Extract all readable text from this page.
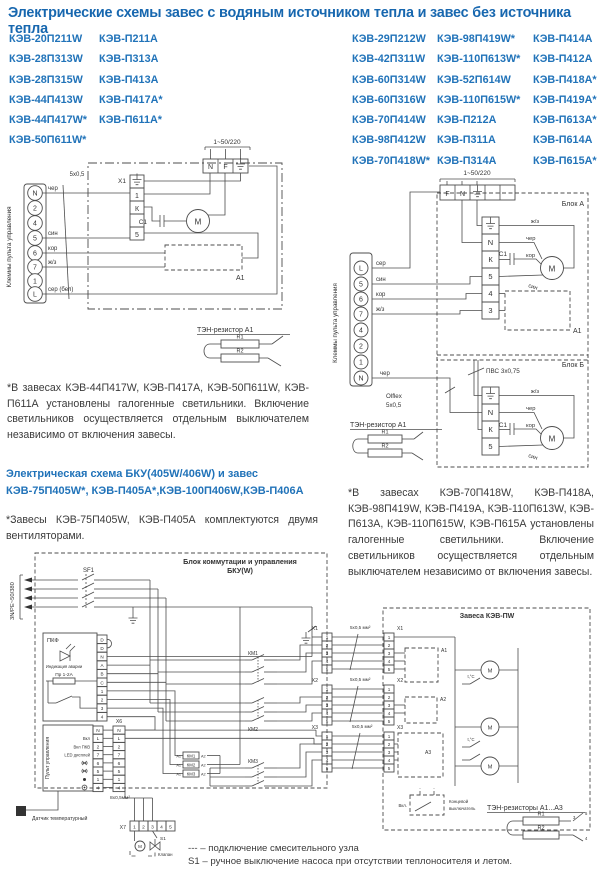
Электрические схемы завес с водяным источником тепла и завес без источника тепла
КЭВ-20П211W
КЭВ-28П313W
КЭВ-28П315W
КЭВ-44П413W
КЭВ-44П417W*
КЭВ-50П611W*
КЭВ-П211А
КЭВ-П313А
КЭВ-П413А
КЭВ-П417А*
КЭВ-П611А*
КЭВ-29П212W
КЭВ-42П311W
КЭВ-60П314W
КЭВ-60П316W
КЭВ-70П414W
КЭВ-98П412W
КЭВ-70П418W*
КЭВ-98П419W*
КЭВ-110П613W*
КЭВ-52П614W
КЭВ-110П615W*
КЭВ-П212А
КЭВ-П311А
КЭВ-П314А
КЭВ-П414А
КЭВ-П412А
КЭВ-П418А*
КЭВ-П419А*
КЭВ-П613А*
КЭВ-П614А
КЭВ-П615А*
1~50/220
N F
5x0,5
N
2
4
5
6
7
1
L
Клеммы пульта управления
чер
син
кор
ж/з
сер (бел)
Х1
1
К
5
С1	М
А1
ТЭН-резистор А1
R1
R2
1~50/220
F N
Блок А
N
К
5
4
3
С1
М
ж/з
чер
кор
син
А1
Блок Б
ПВС 3х0,75
N
К
5
С1
М
ж/з
чер
кор
син
L
5
6
7
4
2
1
N
Клеммы пульта управления
сер
син
кор
ж/з
чер
Olflex
5x0,5
ТЭН-резистор А1
R1
R2
*В завесах КЭВ-44П417W, КЭВ-П417А, КЭВ-50П611W, КЭВ-П611А установлены галогенные светильники. Включение светильников осуществляется отдельным выключателем независимо от включения завесы.
Электрическая схема БКУ(405W/406W) и завес КЭВ-75П405W*, КЭВ-П405А*,КЭВ-100П406W,КЭВ-П406А
*Завесы КЭВ-75П405W, КЭВ-П405А комплектуются двумя вентиляторами.
*В завесах КЭВ-70П418W, КЭВ-П418А, КЭВ-98П419W, КЭВ-П419А, КЭВ-110П613W, КЭВ-П613А, КЭВ-110П615W, КЭВ-П615А установлены галогенные светильники. Включение светильников осуществляется отдельным выключателем независимо от включения завесы.
Блок коммутации и управления
БКУ(W)
3N/PE~50/380
SF1
ПКФ
Индикация аварии
Пр 1-2А
D
D
N
A
B
C
1
2
3
4
Пульт управления
N
L
2
7
6
5
1
4
Вкл
Вкл ПКВ
LED дисплей
Х6
N
L
2
7
6
5
1
4
8х0,5мм²
Датчик температурный
Х7 1 2 3 4 5
S1
М
Клапан
КМ1
А1	А2
КМ2
А1	А2
КМ3
А1	А2
КМ1
КМ2
КМ3
Х1
1
2
3
4
5
Х2
1
2
3
4
5
Х3
1
2
3
4
5
5х0,5 мм²
5х0,5 мм²
5х0,5 мм²
Завеса КЭВ-ПW
Х1
1
2
3
4
5
Х2
1
2
3
4
5
Х3
1
2
3
4
5
А1
А2
А3
М
М
М
t,°С
t,°С
Вкл.
Концевой
выключатель ТЭН-резисторы А1...А3
R1	3
5
R2
4
--- – подключение смесительного узла
S1 – ручное выключение насоса при отсутствии теплоносителя и летом.
